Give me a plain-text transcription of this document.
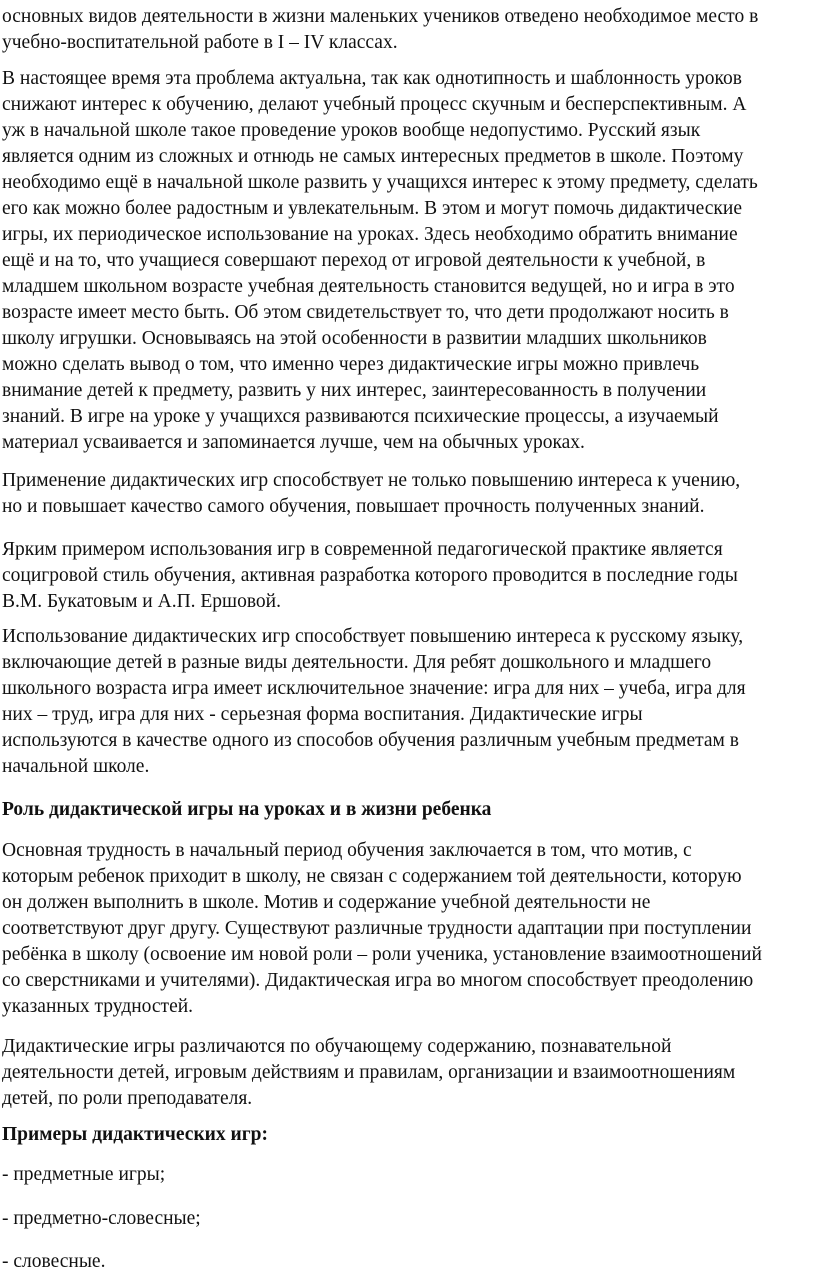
основных видов деятельности в жизни маленьких учеников отведено необходимое место в
учебно-воспитательной работе в I – IV классах.

В настоящее время эта проблема актуальна, так как однотипность и шаблонность уроков
снижают интерес к обучению, делают учебный процесс скучным и бесперспективным. А
уж в начальной школе такое проведение уроков вообще недопустимо. Русский язык
является одним из сложных и отнюдь не самых интересных предметов в школе. Поэтому
необходимо ещё в начальной школе развить у учащихся интерес к этому предмету, сделать
его как можно более радостным и увлекательным. В этом и могут помочь дидактические
игры, их периодическое использование на уроках. Здесь необходимо обратить внимание
ещё и на то, что учащиеся совершают переход от игровой деятельности к учебной, в
младшем школьном возрасте учебная деятельность становится ведущей, но и игра в это
возрасте имеет место быть. Об этом свидетельствует то, что дети продолжают носить в
школу игрушки. Основываясь на этой особенности в развитии младших школьников
можно сделать вывод о том, что именно через дидактические игры можно привлечь
внимание детей к предмету, развить у них интерес, заинтересованность в получении
знаний. В игре на уроке у учащихся развиваются психические процессы, а изучаемый
материал усваивается и запоминается лучше, чем на обычных уроках.

Применение дидактических игр способствует не только повышению интереса к учению,
но и повышает качество самого обучения, повышает прочность полученных знаний.

Ярким примером использования игр в современной педагогической практике является
социгровой стиль обучения, активная разработка которого проводится в последние годы
В.М. Букатовым и А.П. Ершовой.

Использование дидактических игр способствует повышению интереса к русскому языку,
включающие детей в разные виды деятельности. Для ребят дошкольного и младшего
школьного возраста игра имеет исключительное значение: игра для них – учеба, игра для
них – труд, игра для них - серьезная форма воспитания. Дидактические игры
используются в качестве одного из способов обучения различным учебным предметам в
начальной школе.

Роль дидактической игры на уроках и в жизни ребенка

Основная трудность в начальный период обучения заключается в том, что мотив, с
которым ребенок приходит в школу, не связан с содержанием той деятельности, которую
он должен выполнить в школе. Мотив и содержание учебной деятельности не
соответствуют друг другу. Существуют различные трудности адаптации при поступлении
ребёнка в школу (освоение им новой роли – роли ученика, установление взаимоотношений
со сверстниками и учителями). Дидактическая игра во многом способствует преодолению
указанных трудностей.

Дидактические игры различаются по обучающему содержанию, познавательной
деятельности детей, игровым действиям и правилам, организации и взаимоотношениям
детей, по роли преподавателя.

Примеры дидактических игр:

- предметные игры;

- предметно-словесные;

- словесные.
